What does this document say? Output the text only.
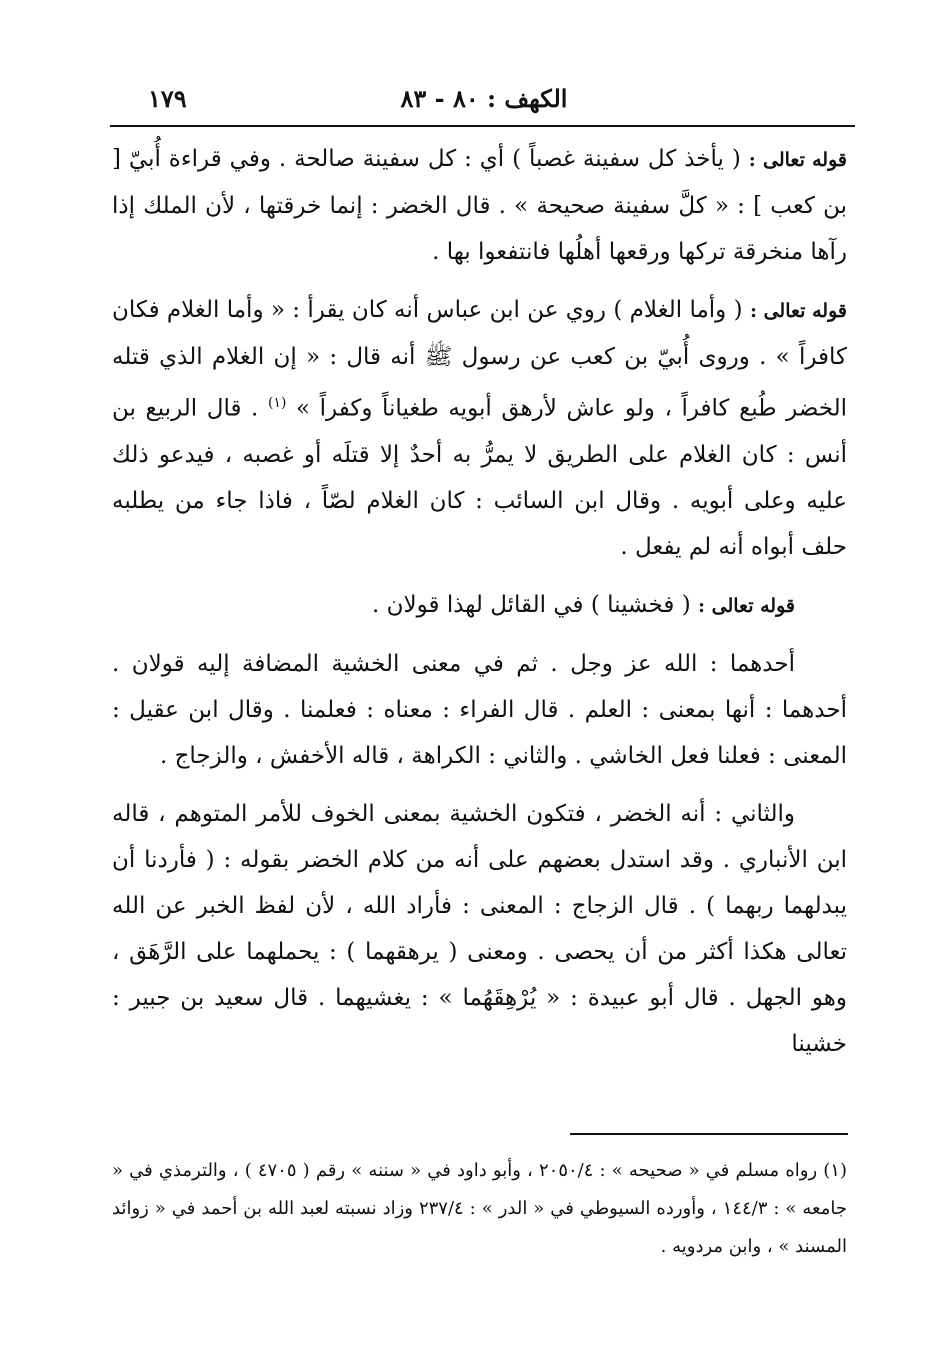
١٧٩	الكهف : ٨٠ - ٨٣

قوله تعالى : ( يأخذ كل سفينة غصباً ) أي : كل سفينة صالحة . وفي قراءة أُبيّ [ بن كعب ] : « كلَّ سفينة صحيحة » . قال الخضر : إنما خرقتها ، لأن الملك إذا رآها منخرقة تركها ورقعها أهلُها فانتفعوا بها .

قوله تعالى : ( وأما الغلام ) روي عن ابن عباس أنه كان يقرأ : « وأما الغلام فكان كافراً » . وروى أُبيّ بن كعب عن رسول ﷺ أنه قال : « إن الغلام الذي قتله الخضر طُبع كافراً ، ولو عاش لأرهق أبويه طغياناً وكفراً » $^{(١)}$ . قال الربيع بن أنس : كان الغلام على الطريق لا يمرُّ به أحدٌ إلا قتلَه أو غصبه ، فيدعو ذلك عليه وعلى أبويه . وقال ابن السائب : كان الغلام لصّاً ، فاذا جاء من يطلبه حلف أبواه أنه لم يفعل .

قوله تعالى : ( فخشينا ) في القائل لهذا قولان .

أحدهما : الله عز وجل . ثم في معنى الخشية المضافة إليه قولان . أحدهما : أنها بمعنى : العلم . قال الفراء : معناه : فعلمنا . وقال ابن عقيل : المعنى : فعلنا فعل الخاشي . والثاني : الكراهة ، قاله الأخفش ، والزجاج .

والثاني : أنه الخضر ، فتكون الخشية بمعنى الخوف للأمر المتوهم ، قاله ابن الأنباري . وقد استدل بعضهم على أنه من كلام الخضر بقوله : ( فأردنا أن يبدلهما ربهما ) . قال الزجاج : المعنى : فأراد الله ، لأن لفظ الخبر عن الله تعالى هكذا أكثر من أن يحصى . ومعنى ( يرهقهما ) : يحملهما على الرَّهَق ، وهو الجهل . قال أبو عبيدة : « يُرْهِقَهُما » : يغشيهما . قال سعيد بن جبير : خشينا

(١) رواه مسلم في « صحيحه » : ٢٠٥٠/٤ ، وأبو داود في « سننه » رقم ( ٤٧٠٥ ) ، والترمذي في « جامعه » : ١٤٤/٣ ، وأورده السيوطي في « الدر » : ٢٣٧/٤ وزاد نسبته لعبد الله بن أحمد في « زوائد المسند » ، وابن مردويه .
